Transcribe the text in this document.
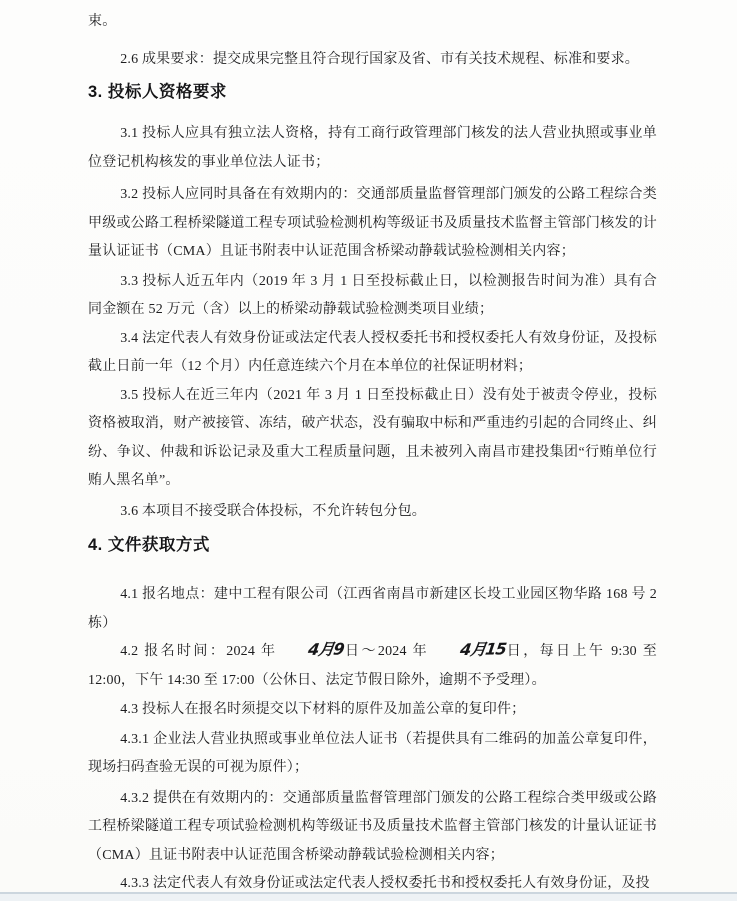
束。

2.6 成果要求：提交成果完整且符合现行国家及省、市有关技术规程、标准和要求。

3. 投标人资格要求

3.1 投标人应具有独立法人资格，持有工商行政管理部门核发的法人营业执照或事业单位登记机构核发的事业单位法人证书；

3.2 投标人应同时具备在有效期内的：交通部质量监督管理部门颁发的公路工程综合类甲级或公路工程桥梁隧道工程专项试验检测机构等级证书及质量技术监督主管部门核发的计量认证证书（CMA）且证书附表中认证范围含桥梁动静载试验检测相关内容；

3.3 投标人近五年内（2019 年 3 月 1 日至投标截止日，以检测报告时间为准）具有合同金额在 52 万元（含）以上的桥梁动静载试验检测类项目业绩；

3.4 法定代表人有效身份证或法定代表人授权委托书和授权委托人有效身份证，及投标截止日前一年（12 个月）内任意连续六个月在本单位的社保证明材料；

3.5 投标人在近三年内（2021 年 3 月 1 日至投标截止日）没有处于被责令停业，投标资格被取消，财产被接管、冻结，破产状态，没有骗取中标和严重违约引起的合同终止、纠纷、争议、仲裁和诉讼记录及重大工程质量问题，且未被列入南昌市建投集团“行贿单位行贿人黑名单”。

3.6 本项目不接受联合体投标，不允许转包分包。

4. 文件获取方式

4.1 报名地点：建中工程有限公司（江西省南昌市新建区长坄工业园区物华路 168 号 2 栋）

4.2 报名时间：2024 年 4月9日～2024 年 4月15日，每日上午 9:30 至 12:00，下午 14:30 至 17:00（公休日、法定节假日除外，逾期不予受理）。

4.3 投标人在报名时须提交以下材料的原件及加盖公章的复印件；

4.3.1 企业法人营业执照或事业单位法人证书（若提供具有二维码的加盖公章复印件，现场扫码查验无误的可视为原件）；

4.3.2 提供在有效期内的：交通部质量监督管理部门颁发的公路工程综合类甲级或公路工程桥梁隧道工程专项试验检测机构等级证书及质量技术监督主管部门核发的计量认证证书（CMA）且证书附表中认证范围含桥梁动静载试验检测相关内容；

4.3.3 法定代表人有效身份证或法定代表人授权委托书和授权委托人有效身份证，及投
